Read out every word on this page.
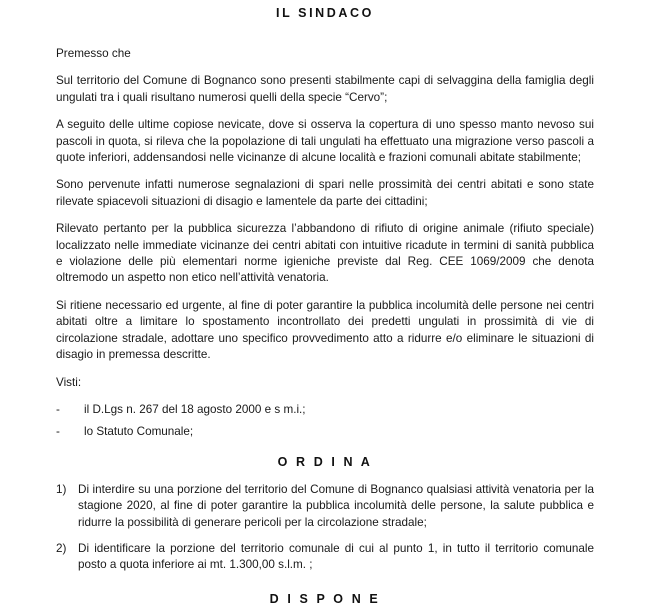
IL SINDACO
Premesso che

Sul territorio del Comune di Bognanco sono presenti stabilmente capi di selvaggina della famiglia degli ungulati tra i quali risultano numerosi quelli della specie “Cervo”;

A seguito delle ultime copiose nevicate, dove si osserva la copertura di uno spesso manto nevoso sui pascoli in quota, si rileva che la popolazione di tali ungulati ha effettuato una migrazione verso pascoli a quote inferiori, addensandosi nelle vicinanze di alcune località e frazioni comunali abitate stabilmente;

Sono pervenute infatti numerose segnalazioni di spari nelle prossimità dei centri abitati e sono state rilevate spiacevoli situazioni di disagio e lamentele da parte dei cittadini;

Rilevato pertanto per la pubblica sicurezza l’abbandono di rifiuto di origine animale (rifiuto speciale) localizzato nelle immediate vicinanze dei centri abitati con intuitive ricadute in termini di sanità pubblica e violazione delle più elementari norme igieniche previste dal Reg. CEE 1069/2009 che denota oltremodo un aspetto non etico nell’attività venatoria.

Si ritiene necessario ed urgente, al fine di poter garantire la pubblica incolumità delle persone nei centri abitati oltre a limitare lo spostamento incontrollato dei predetti ungulati in prossimità di vie di circolazione stradale, adottare uno specifico provvedimento atto a ridurre e/o eliminare le situazioni di disagio in premessa descritte.

Visti:
- il D.Lgs n. 267 del 18 agosto 2000 e s m.i.;
- lo Statuto Comunale;
O R D I N A
1) Di interdire su una porzione del territorio del Comune di Bognanco qualsiasi attività venatoria per la stagione 2020, al fine di poter garantire la pubblica incolumità delle persone, la salute pubblica e ridurre la possibilità di generare pericoli per la circolazione stradale;
2) Di identificare la porzione del territorio comunale di cui al punto 1, in tutto il territorio comunale posto a quota inferiore ai mt. 1.300,00 s.l.m. ;
D I S P O N E
